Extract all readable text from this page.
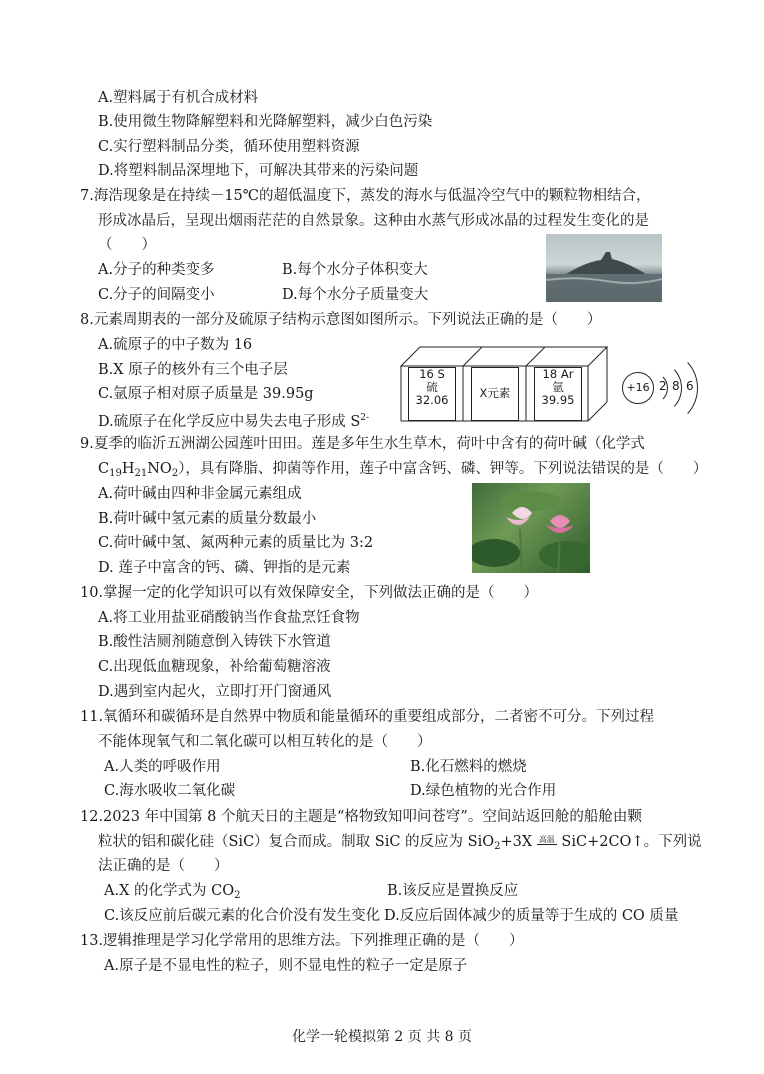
A.塑料属于有机合成材料
B.使用微生物降解塑料和光降解塑料，减少白色污染
C.实行塑料制品分类，循环使用塑料资源
D.将塑料制品深埋地下，可解决其带来的污染问题
7.海浩现象是在持续－15℃的超低温度下，蒸发的海水与低温冷空气中的颗粒物相结合，
形成冰晶后，呈现出烟雨茫茫的自然景象。这种由水蒸气形成冰晶的过程发生变化的是
（　　）
A.分子的种类变多	B.每个水分子体积变大
C.分子的间隔变小	D.每个水分子质量变大
8.元素周期表的一部分及硫原子结构示意图如图所示。下列说法正确的是（　　）
A.硫原子的中子数为 16
B.X 原子的核外有三个电子层
C.氩原子相对原子质量是 39.95g
D.硫原子在化学反应中易失去电子形成 $S^{2-}$
16 S
硫
32.06	X元素
18 Ar
氩
39.95
+16 2 8 6
9.夏季的临沂五洲湖公园莲叶田田。莲是多年生水生草木，荷叶中含有的荷叶碱（化学式
$C_{19}H_{21}NO_2$），具有降脂、抑菌等作用，莲子中富含钙、磷、钾等。下列说法错误的是（　　）
A.荷叶碱由四种非金属元素组成
B.荷叶碱中氢元素的质量分数最小
C.荷叶碱中氢、氮两种元素的质量比为 3:2
D. 莲子中富含的钙、磷、钾指的是元素
10.掌握一定的化学知识可以有效保障安全，下列做法正确的是（　　）
A.将工业用盐亚硝酸钠当作食盐烹饪食物
B.酸性洁厕剂随意倒入铸铁下水管道
C.出现低血糖现象，补给葡萄糖溶液
D.遇到室内起火，立即打开门窗通风
11.氧循环和碳循环是自然界中物质和能量循环的重要组成部分，二者密不可分。下列过程
不能体现氧气和二氧化碳可以相互转化的是（　　）
A.人类的呼吸作用	B.化石燃料的燃烧
C.海水吸收二氧化碳	D.绿色植物的光合作用
12.2023 年中国第 8 个航天日的主题是“格物致知叩问苍穹”。空间站返回舱的船舱由颗
粒状的铝和碳化硅（SiC）复合而成。制取 SiC 的反应为 SiO$_2$+3X 高温 SiC+2CO↑。下列说
法正确的是（　　）
A.X 的化学式为 $CO_2$	B.该反应是置换反应
C.该反应前后碳元素的化合价没有发生变化 D.反应后固体减少的质量等于生成的 CO 质量
13.逻辑推理是学习化学常用的思维方法。下列推理正确的是（　　）
A.原子是不显电性的粒子，则不显电性的粒子一定是原子
化学一轮模拟第 2 页 共 8 页
